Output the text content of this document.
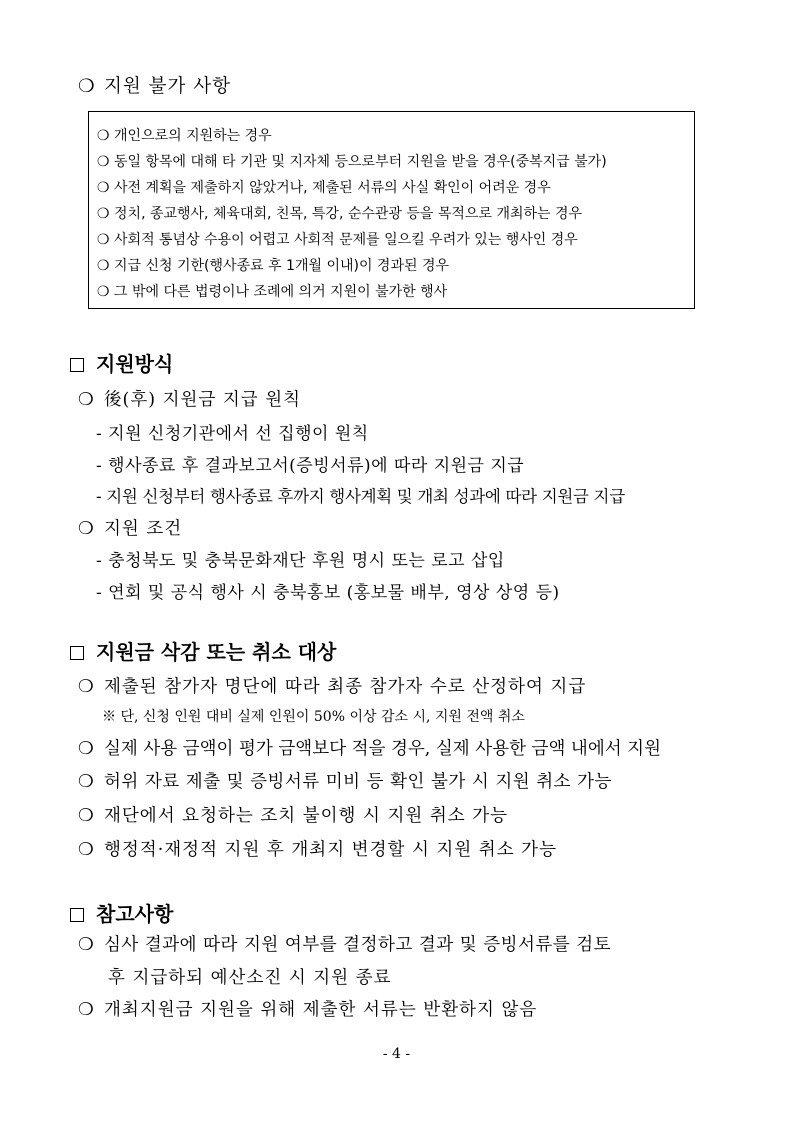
❍ 지원 불가 사항
❍ 개인으로의 지원하는 경우
❍ 동일 항목에 대해 타 기관 및 지자체 등으로부터 지원을 받을 경우(중복지급 불가)
❍ 사전 계획을 제출하지 않았거나, 제출된 서류의 사실 확인이 어려운 경우
❍ 정치, 종교행사, 체육대회, 친목, 특강, 순수관광 등을 목적으로 개최하는 경우
❍ 사회적 통념상 수용이 어렵고 사회적 문제를 일으킬 우려가 있는 행사인 경우
❍ 지급 신청 기한(행사종료 후 1개월 이내)이 경과된 경우
❍ 그 밖에 다른 법령이나 조례에 의거 지원이 불가한 행사
지원방식
❍ 後(후) 지원금 지급 원칙
- 지원 신청기관에서 선 집행이 원칙
- 행사종료 후 결과보고서(증빙서류)에 따라 지원금 지급
- 지원 신청부터 행사종료 후까지 행사계획 및 개최 성과에 따라 지원금 지급
❍ 지원 조건
- 충청북도 및 충북문화재단 후원 명시 또는 로고 삽입
- 연회 및 공식 행사 시 충북홍보 (홍보물 배부, 영상 상영 등)
지원금 삭감 또는 취소 대상
❍ 제출된 참가자 명단에 따라 최종 참가자 수로 산정하여 지급
※ 단, 신청 인원 대비 실제 인원이 50% 이상 감소 시, 지원 전액 취소
❍ 실제 사용 금액이 평가 금액보다 적을 경우, 실제 사용한 금액 내에서 지원
❍ 허위 자료 제출 및 증빙서류 미비 등 확인 불가 시 지원 취소 가능
❍ 재단에서 요청하는 조치 불이행 시 지원 취소 가능
❍ 행정적·재정적 지원 후 개최지 변경할 시 지원 취소 가능
참고사항
❍ 심사 결과에 따라 지원 여부를 결정하고 결과 및 증빙서류를 검토
후 지급하되 예산소진 시 지원 종료
❍ 개최지원금 지원을 위해 제출한 서류는 반환하지 않음
- 4 -
